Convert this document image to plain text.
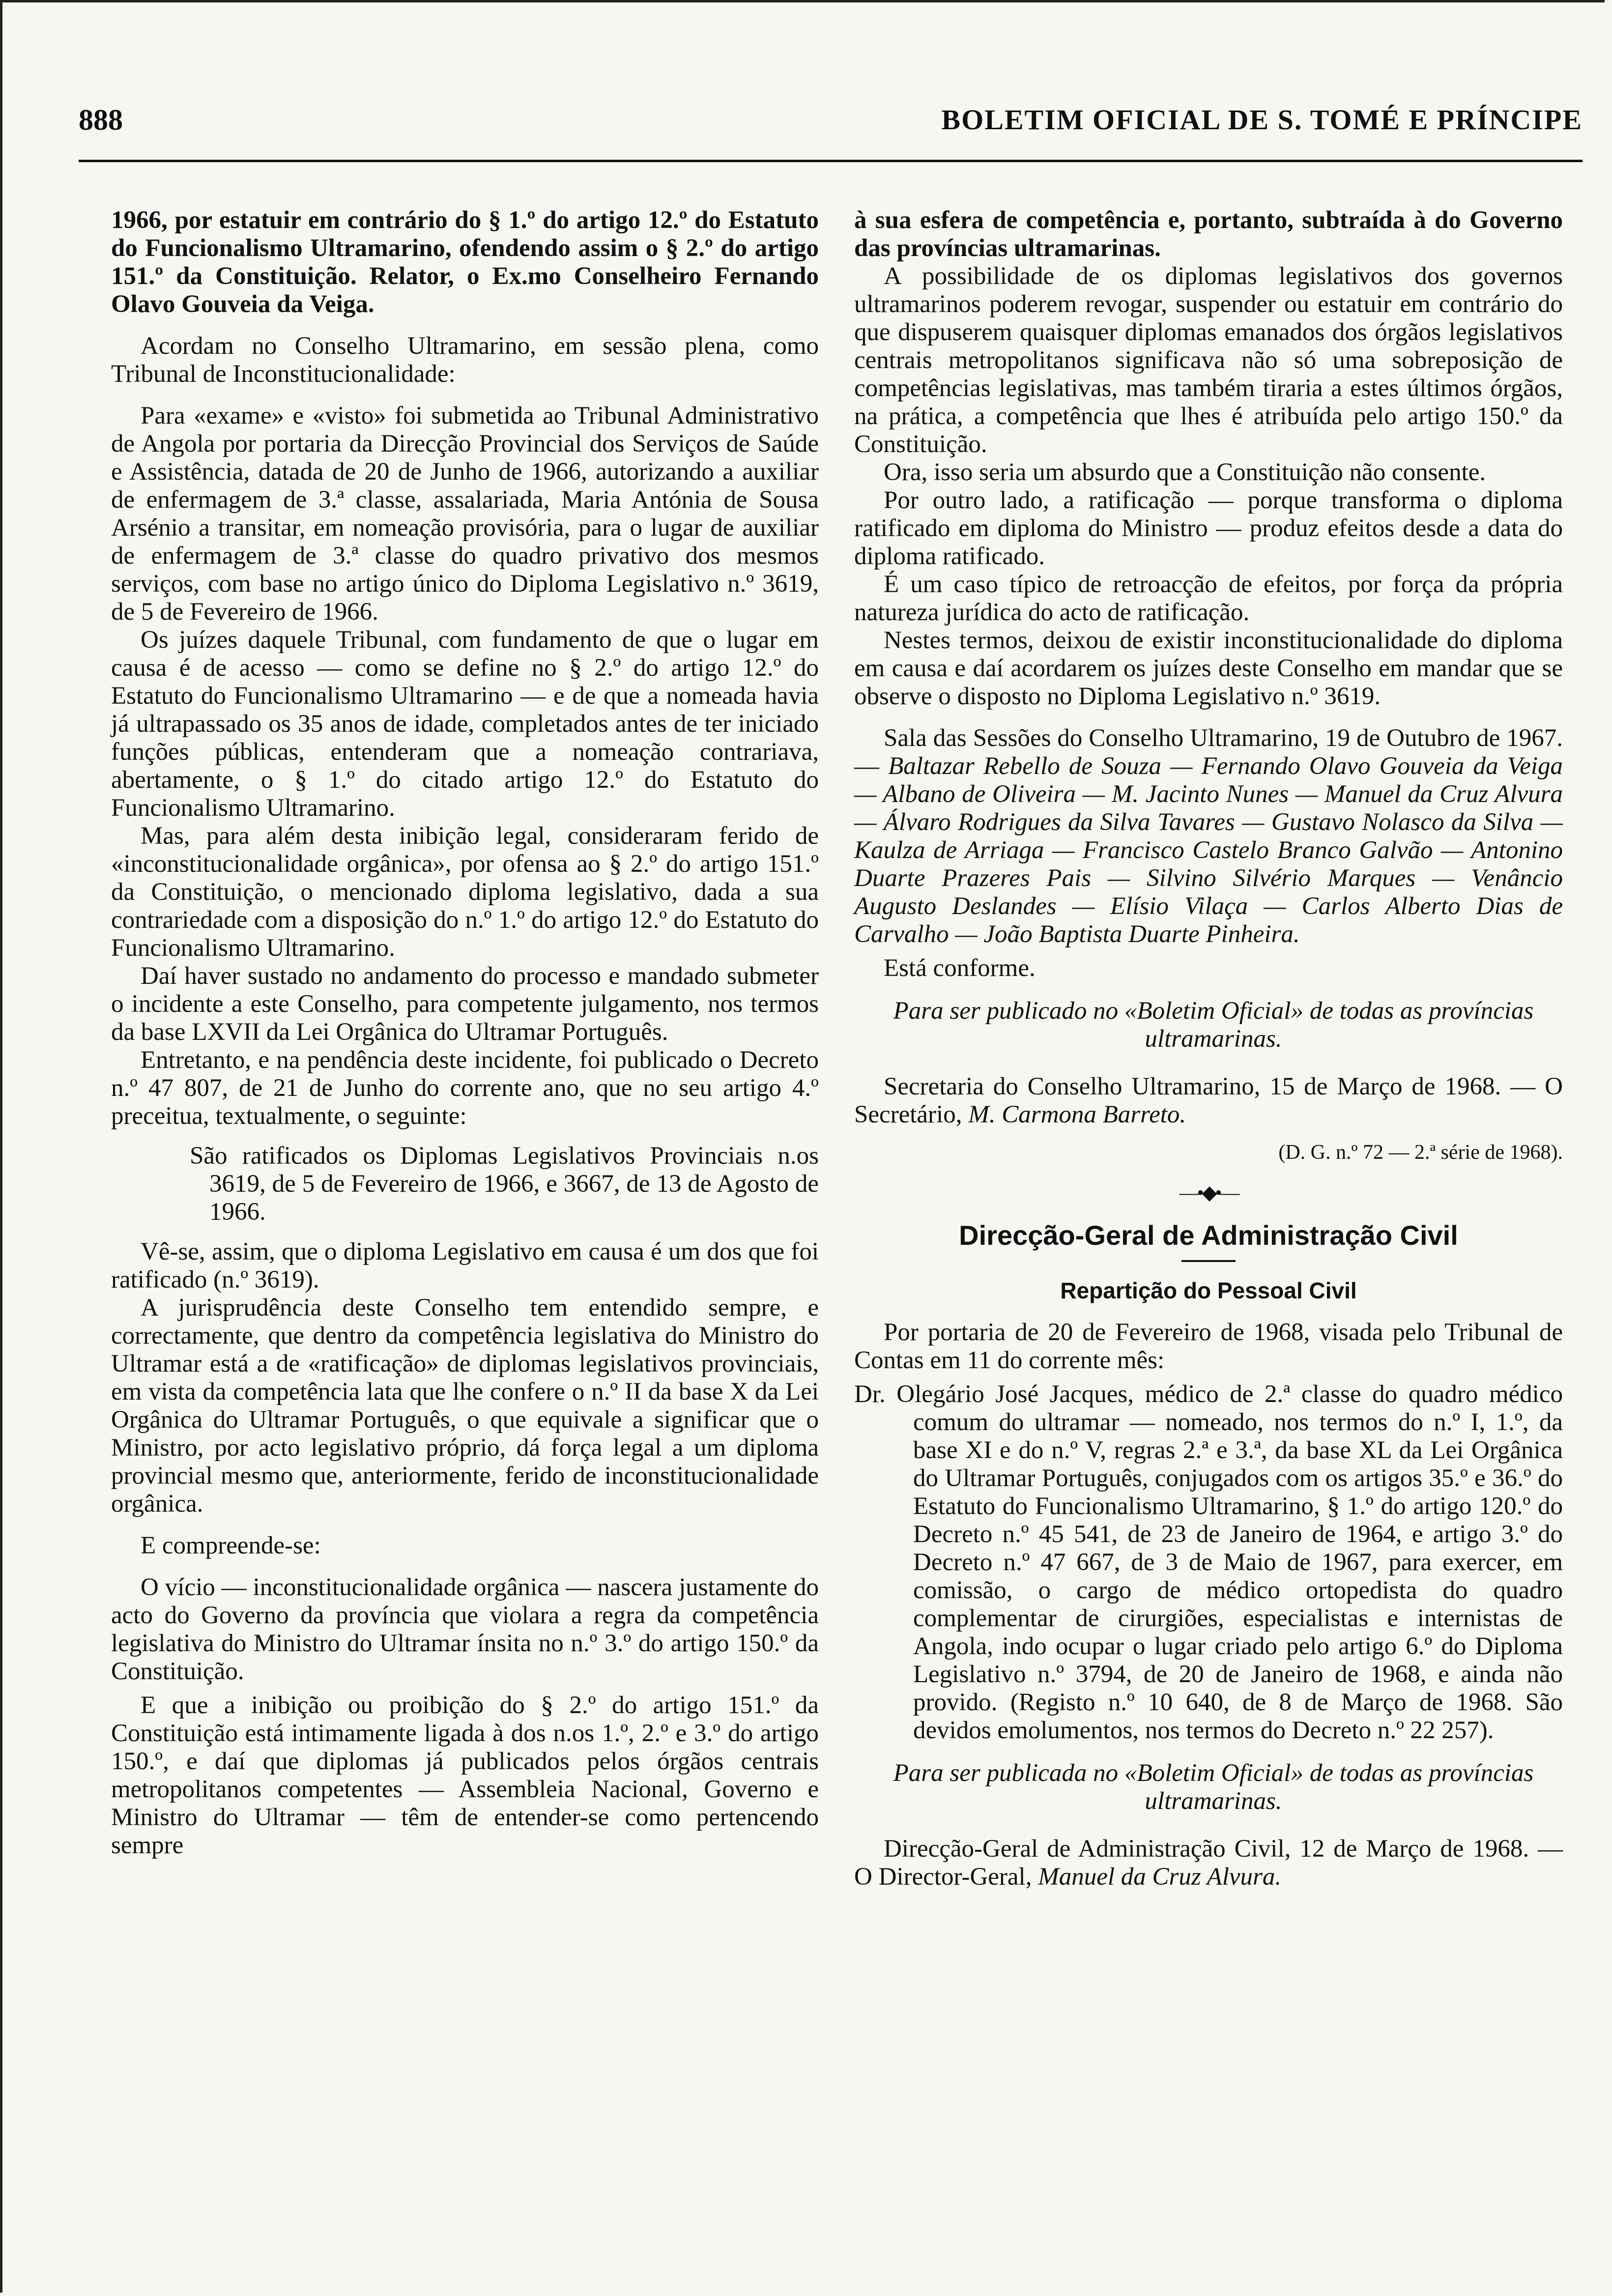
888	BOLETIM OFICIAL DE S. TOMÉ E PRÍNCIPE

1966, por estatuir em contrário do § 1.º do artigo 12.º do Estatuto do Funcionalismo Ultramarino, ofendendo assim o § 2.º do artigo 151.º da Constituição. Relator, o Ex.mo Conselheiro Fernando Olavo Gouveia da Veiga.

Acordam no Conselho Ultramarino, em sessão plena, como Tribunal de Inconstitucionalidade:

Para «exame» e «visto» foi submetida ao Tribunal Administrativo de Angola por portaria da Direcção Provincial dos Serviços de Saúde e Assistência, datada de 20 de Junho de 1966, autorizando a auxiliar de enfermagem de 3.ª classe, assalariada, Maria Antónia de Sousa Arsénio a transitar, em nomeação provisória, para o lugar de auxiliar de enfermagem de 3.ª classe do quadro privativo dos mesmos serviços, com base no artigo único do Diploma Legislativo n.º 3619, de 5 de Fevereiro de 1966.

Os juízes daquele Tribunal, com fundamento de que o lugar em causa é de acesso — como se define no § 2.º do artigo 12.º do Estatuto do Funcionalismo Ultramarino — e de que a nomeada havia já ultrapassado os 35 anos de idade, completados antes de ter iniciado funções públicas, entenderam que a nomeação contrariava, abertamente, o § 1.º do citado artigo 12.º do Estatuto do Funcionalismo Ultramarino.

Mas, para além desta inibição legal, consideraram ferido de «inconstitucionalidade orgânica», por ofensa ao § 2.º do artigo 151.º da Constituição, o mencionado diploma legislativo, dada a sua contrariedade com a disposição do n.º 1.º do artigo 12.º do Estatuto do Funcionalismo Ultramarino.

Daí haver sustado no andamento do processo e mandado submeter o incidente a este Conselho, para competente julgamento, nos termos da base LXVII da Lei Orgânica do Ultramar Português.

Entretanto, e na pendência deste incidente, foi publicado o Decreto n.º 47 807, de 21 de Junho do corrente ano, que no seu artigo 4.º preceitua, textualmente, o seguinte:

São ratificados os Diplomas Legislativos Provinciais n.os 3619, de 5 de Fevereiro de 1966, e 3667, de 13 de Agosto de 1966.

Vê-se, assim, que o diploma Legislativo em causa é um dos que foi ratificado (n.º 3619).

A jurisprudência deste Conselho tem entendido sempre, e correctamente, que dentro da competência legislativa do Ministro do Ultramar está a de «ratificação» de diplomas legislativos provinciais, em vista da competência lata que lhe confere o n.º II da base X da Lei Orgânica do Ultramar Português, o que equivale a significar que o Ministro, por acto legislativo próprio, dá força legal a um diploma provincial mesmo que, anteriormente, ferido de inconstitucionalidade orgânica.

E compreende-se:

O vício — inconstitucionalidade orgânica — nascera justamente do acto do Governo da província que violara a regra da competência legislativa do Ministro do Ultramar ínsita no n.º 3.º do artigo 150.º da Constituição.

E que a inibição ou proibição do § 2.º do artigo 151.º da Constituição está intimamente ligada à dos n.os 1.º, 2.º e 3.º do artigo 150.º, e daí que diplomas já publicados pelos órgãos centrais metropolitanos competentes — Assembleia Nacional, Governo e Ministro do Ultramar — têm de entender-se como pertencendo sempre

à sua esfera de competência e, portanto, subtraída à do Governo das províncias ultramarinas.

A possibilidade de os diplomas legislativos dos governos ultramarinos poderem revogar, suspender ou estatuir em contrário do que dispuserem quaisquer diplomas emanados dos órgãos legislativos centrais metropolitanos significava não só uma sobreposição de competências legislativas, mas também tiraria a estes últimos órgãos, na prática, a competência que lhes é atribuída pelo artigo 150.º da Constituição.

Ora, isso seria um absurdo que a Constituição não consente.

Por outro lado, a ratificação — porque transforma o diploma ratificado em diploma do Ministro — produz efeitos desde a data do diploma ratificado.

É um caso típico de retroacção de efeitos, por força da própria natureza jurídica do acto de ratificação.

Nestes termos, deixou de existir inconstitucionalidade do diploma em causa e daí acordarem os juízes deste Conselho em mandar que se observe o disposto no Diploma Legislativo n.º 3619.

Sala das Sessões do Conselho Ultramarino, 19 de Outubro de 1967. — Baltazar Rebello de Souza — Fernando Olavo Gouveia da Veiga — Albano de Oliveira — M. Jacinto Nunes — Manuel da Cruz Alvura — Álvaro Rodrigues da Silva Tavares — Gustavo Nolasco da Silva — Kaulza de Arriaga — Francisco Castelo Branco Galvão — Antonino Duarte Prazeres Pais — Silvino Silvério Marques — Venâncio Augusto Deslandes — Elísio Vilaça — Carlos Alberto Dias de Carvalho — João Baptista Duarte Pinheira.

Está conforme.

Para ser publicado no «Boletim Oficial» de todas as províncias ultramarinas.

Secretaria do Conselho Ultramarino, 15 de Março de 1968. — O Secretário, M. Carmona Barreto.

(D. G. n.º 72 — 2.ª série de 1968).
—•◆•—
Direcção-Geral de Administração Civil
Repartição do Pessoal Civil

Por portaria de 20 de Fevereiro de 1968, visada pelo Tribunal de Contas em 11 do corrente mês:

Dr. Olegário José Jacques, médico de 2.ª classe do quadro médico comum do ultramar — nomeado, nos termos do n.º I, 1.º, da base XI e do n.º V, regras 2.ª e 3.ª, da base XL da Lei Orgânica do Ultramar Português, conjugados com os artigos 35.º e 36.º do Estatuto do Funcionalismo Ultramarino, § 1.º do artigo 120.º do Decreto n.º 45 541, de 23 de Janeiro de 1964, e artigo 3.º do Decreto n.º 47 667, de 3 de Maio de 1967, para exercer, em comissão, o cargo de médico ortopedista do quadro complementar de cirurgiões, especialistas e internistas de Angola, indo ocupar o lugar criado pelo artigo 6.º do Diploma Legislativo n.º 3794, de 20 de Janeiro de 1968, e ainda não provido. (Registo n.º 10 640, de 8 de Março de 1968. São devidos emolumentos, nos termos do Decreto n.º 22 257).

Para ser publicada no «Boletim Oficial» de todas as províncias ultramarinas.

Direcção-Geral de Administração Civil, 12 de Março de 1968. — O Director-Geral, Manuel da Cruz Alvura.
